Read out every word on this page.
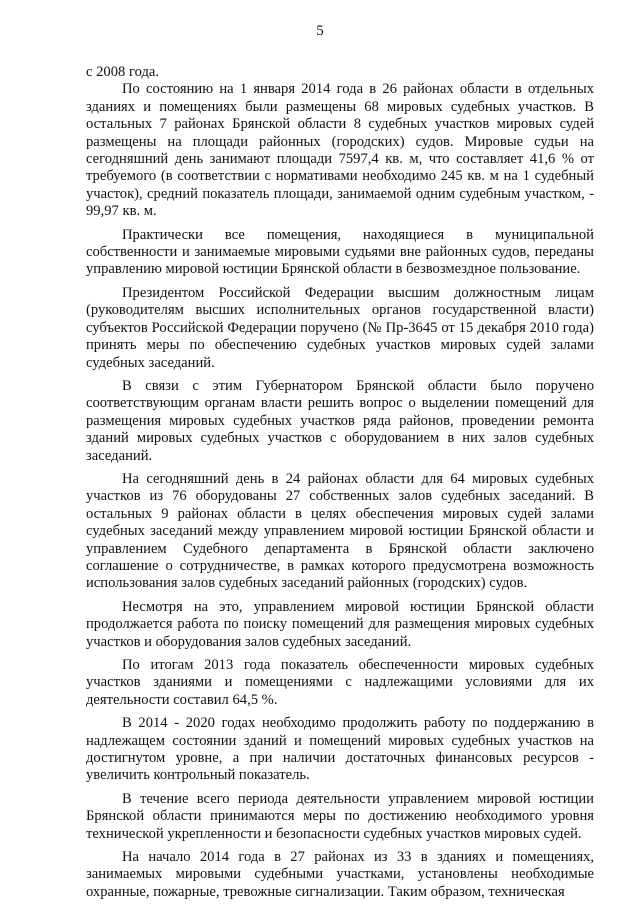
5

с 2008 года.

По состоянию на 1 января 2014 года в 26 районах области в отдельных зданиях и помещениях были размещены 68 мировых судебных участков. В остальных 7 районах Брянской области 8 судебных участков мировых судей размещены на площади районных (городских) судов. Мировые судьи на сегодняшний день занимают площади 7597,4 кв. м, что составляет 41,6 % от требуемого (в соответствии с нормативами необходимо 245 кв. м на 1 судебный участок), средний показатель площади, занимаемой одним судебным участком, - 99,97 кв. м.

Практически все помещения, находящиеся в муниципальной собственности и занимаемые мировыми судьями вне районных судов, переданы управлению мировой юстиции Брянской области в безвозмездное пользование.

Президентом Российской Федерации высшим должностным лицам (руководителям высших исполнительных органов государственной власти) субъектов Российской Федерации поручено (№ Пр-3645 от 15 декабря 2010 года) принять меры по обеспечению судебных участков мировых судей залами судебных заседаний.

В связи с этим Губернатором Брянской области было поручено соответствующим органам власти решить вопрос о выделении помещений для размещения мировых судебных участков ряда районов, проведении ремонта зданий мировых судебных участков с оборудованием в них залов судебных заседаний.

На сегодняшний день в 24 районах области для 64 мировых судебных участков из 76 оборудованы 27 собственных залов судебных заседаний. В остальных 9 районах области в целях обеспечения мировых судей залами судебных заседаний между управлением мировой юстиции Брянской области и управлением Судебного департамента в Брянской области заключено соглашение о сотрудничестве, в рамках которого предусмотрена возможность использования залов судебных заседаний районных (городских) судов.

Несмотря на это, управлением мировой юстиции Брянской области продолжается работа по поиску помещений для размещения мировых судебных участков и оборудования залов судебных заседаний.

По итогам 2013 года показатель обеспеченности мировых судебных участков зданиями и помещениями с надлежащими условиями для их деятельности составил 64,5 %.

В 2014 - 2020 годах необходимо продолжить работу по поддержанию в надлежащем состоянии зданий и помещений мировых судебных участков на достигнутом уровне, а при наличии достаточных финансовых ресурсов - увеличить контрольный показатель.

В течение всего периода деятельности управлением мировой юстиции Брянской области принимаются меры по достижению необходимого уровня технической укрепленности и безопасности судебных участков мировых судей.

На начало 2014 года в 27 районах из 33 в зданиях и помещениях, занимаемых мировыми судебными участками, установлены необходимые охранные, пожарные, тревожные сигнализации. Таким образом, техническая
